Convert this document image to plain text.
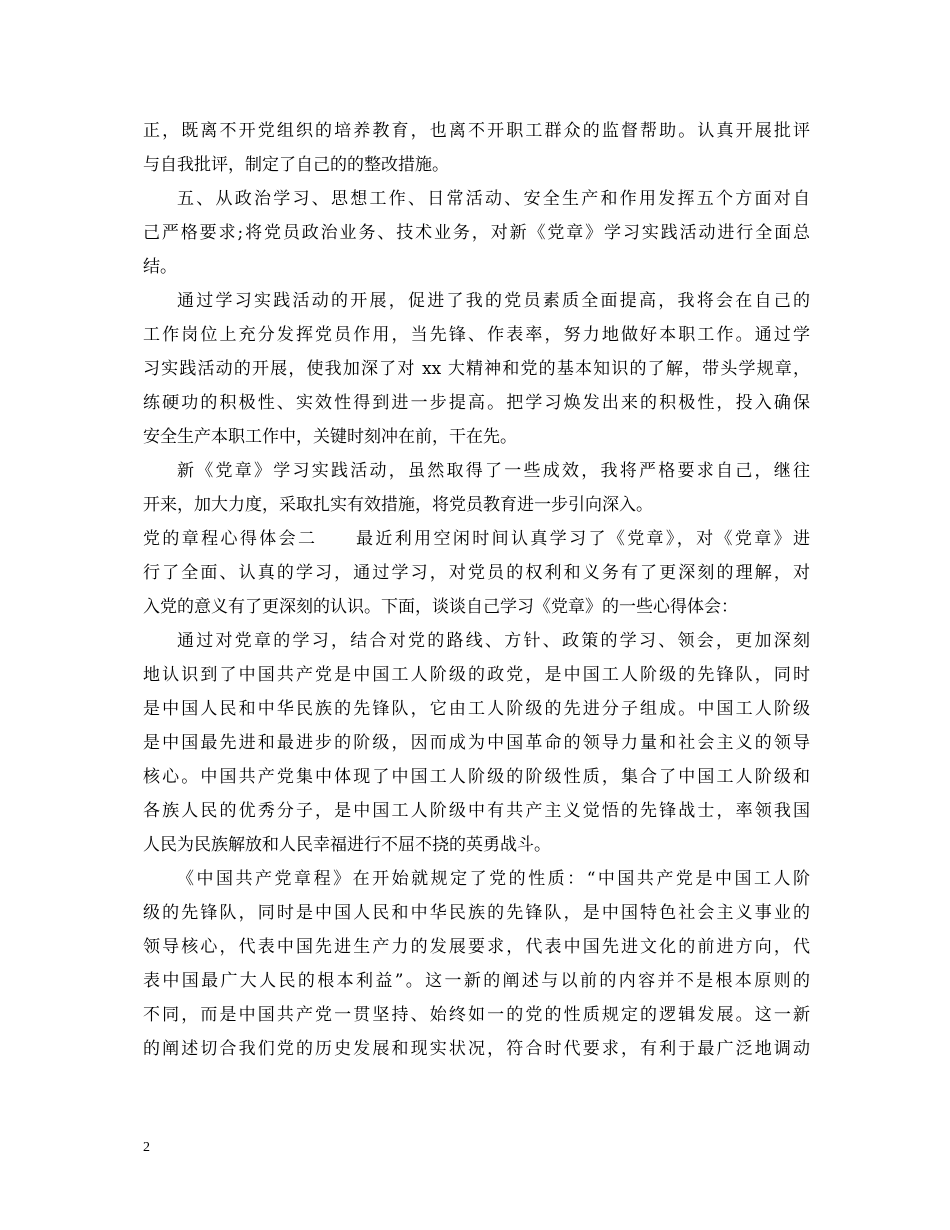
正，既离不开党组织的培养教育，也离不开职工群众的监督帮助。认真开展批评
与自我批评，制定了自己的的整改措施。
五、从政治学习、思想工作、日常活动、安全生产和作用发挥五个方面对自
己严格要求;将党员政治业务、技术业务，对新《党章》学习实践活动进行全面总
结。
通过学习实践活动的开展，促进了我的党员素质全面提高，我将会在自己的
工作岗位上充分发挥党员作用，当先锋、作表率，努力地做好本职工作。通过学
习实践活动的开展，使我加深了对 xx 大精神和党的基本知识的了解，带头学规章，
练硬功的积极性、实效性得到进一步提高。把学习焕发出来的积极性，投入确保
安全生产本职工作中，关键时刻冲在前，干在先。
新《党章》学习实践活动，虽然取得了一些成效，我将严格要求自己，继往
开来，加大力度，采取扎实有效措施，将党员教育进一步引向深入。
党的章程心得体会二　　最近利用空闲时间认真学习了《党章》，对《党章》进
行了全面、认真的学习，通过学习，对党员的权利和义务有了更深刻的理解，对
入党的意义有了更深刻的认识。下面，谈谈自己学习《党章》的一些心得体会：
通过对党章的学习，结合对党的路线、方针、政策的学习、领会，更加深刻
地认识到了中国共产党是中国工人阶级的政党，是中国工人阶级的先锋队，同时
是中国人民和中华民族的先锋队，它由工人阶级的先进分子组成。中国工人阶级
是中国最先进和最进步的阶级，因而成为中国革命的领导力量和社会主义的领导
核心。中国共产党集中体现了中国工人阶级的阶级性质，集合了中国工人阶级和
各族人民的优秀分子，是中国工人阶级中有共产主义觉悟的先锋战士，率领我国
人民为民族解放和人民幸福进行不屈不挠的英勇战斗。
《中国共产党章程》在开始就规定了党的性质：“中国共产党是中国工人阶
级的先锋队，同时是中国人民和中华民族的先锋队，是中国特色社会主义事业的
领导核心，代表中国先进生产力的发展要求，代表中国先进文化的前进方向，代
表中国最广大人民的根本利益”。这一新的阐述与以前的内容并不是根本原则的
不同，而是中国共产党一贯坚持、始终如一的党的性质规定的逻辑发展。这一新
的阐述切合我们党的历史发展和现实状况，符合时代要求，有利于最广泛地调动
2
